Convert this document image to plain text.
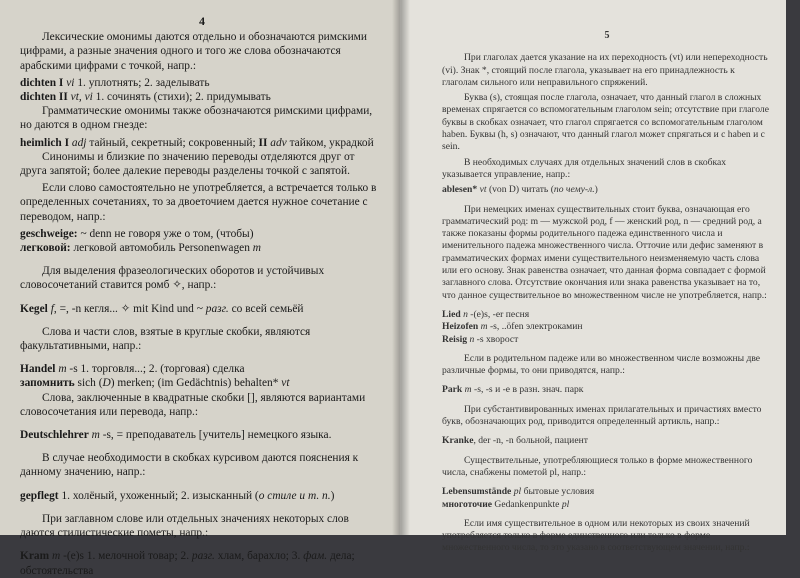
4

Лексические омонимы даются отдельно и обозначаются римскими цифрами, а разные значения одного и того же слова обозначаются арабскими цифрами с точкой, напр.:

dichten I vi 1. уплотнять; 2. заделывать
dichten II vt, vi 1. сочинять (стихи); 2. придумывать

Грамматические омонимы также обозначаются римскими цифрами, но даются в одном гнезде:

heimlich I adj тайный, секретный; сокровенный; II adv тайком, украдкой

Синонимы и близкие по значению переводы отделяются друг от друга запятой; более далекие переводы разделены точкой с запятой.

Если слово самостоятельно не употребляется, а встречается только в определенных сочетаниях, то за двоеточием дается нужное сочетание с переводом, напр.:

geschweige: ~ denn не говоря уже о том, (чтобы)
легковой: легковой автомобиль Personenwagen m

Для выделения фразеологических оборотов и устойчивых словосочетаний ставится ромб ✧, напр.:

Kegel f, =, -n кегля... ✧ mit Kind und ~ разг. со всей семьёй

Слова и части слов, взятые в круглые скобки, являются факультативными, напр.:

Handel m -s 1. торговля...; 2. (торговая) сделка
запомнить sich (D) merken; (im Gedächtnis) behalten* vt

Слова, заключенные в квадратные скобки [], являются вариантами словосочетания или перевода, напр.:

Deutschlehrer m -s, = преподаватель [учитель] немецкого языка.

В случае необходимости в скобках курсивом даются пояснения к данному значению, напр.:

gepflegt 1. холёный, ухоженный; 2. изысканный (о стиле и т. п.)

При заглавном слове или отдельных значениях некоторых слов даются стилистические пометы, напр.:

Kram m -(e)s 1. мелочной товар; 2. разг. хлам, барахло; 3. фам. дела; обстоятельства
5

При глаголах дается указание на их переходность (vt) или непереходность (vi). Знак *, стоящий после глагола, указывает на его принадлежность к глаголам сильного или неправильного спряжений.

Буква (s), стоящая после глагола, означает, что данный глагол в сложных временах спрягается со вспомогательным глаголом sein; отсутствие при глаголе буквы в скобках означает, что глагол спрягается со вспомогательным глаголом haben. Буквы (h, s) означают, что данный глагол может спрягаться и с haben и с sein.

В необходимых случаях для отдельных значений слов в скобках указывается управление, напр.:

ablesen* vt (von D) читать (по чему-л.)

При немецких именах существительных стоит буква, означающая его грамматический род: m — мужской род, f — женский род, n — средний род, а также показаны формы родительного падежа единственного числа и именительного падежа множественного числа. Отточие или дефис заменяют в грамматических формах имени существительного неизменяемую часть слова или его основу. Знак равенства означает, что данная форма совпадает с формой заглавного слова. Отсутствие окончания или знака равенства указывает на то, что данное существительное во множественном числе не употребляется, напр.:

Lied n -(e)s, -er песня
Heizofen m -s, ..öfen электрокамин
Reisig n -s хворост

Если в родительном падеже или во множественном числе возможны две различные формы, то они приводятся, напр.:

Park m -s, -s и -e в разн. знач. парк

При субстантивированных именах прилагательных и причастиях вместо букв, обозначающих род, приводится определенный артикль, напр.:

Kranke, der -n, -n больной, пациент

Существительные, употребляющиеся только в форме множественного числа, снабжены пометой pl, напр.:

Lebensumstände pl бытовые условия
многоточие Gedankenpunkte pl

Если имя существительное в одном или некоторых из своих значений употребляется только в форме единственного или только в форме множественного числа, то это указано в соответствующем значении, напр.:
